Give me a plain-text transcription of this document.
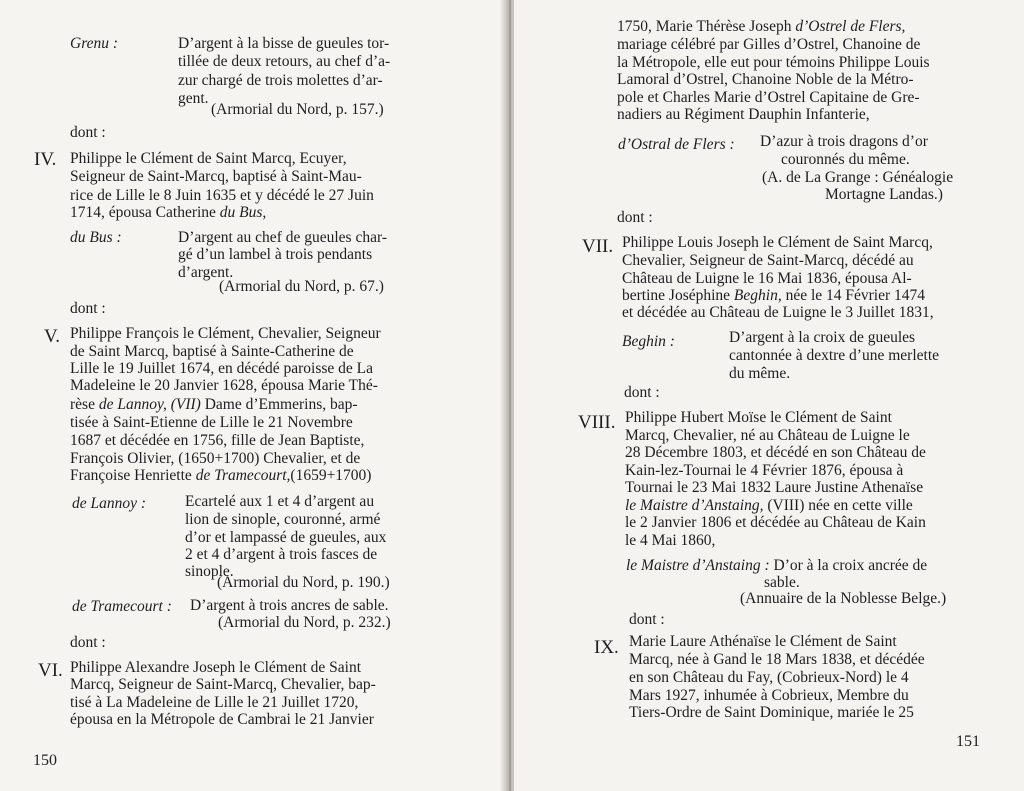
Grenu :	D’argent à la bisse de gueules tor-
tillée de deux retours, au chef d’a-
zur chargé de trois molettes d’ar-
gent.
(Armorial du Nord, p. 157.)
dont :
IV. Philippe le Clément de Saint Marcq, Ecuyer,
Seigneur de Saint-Marcq, baptisé à Saint-Mau-
rice de Lille le 8 Juin 1635 et y décédé le 27 Juin
1714, épousa Catherine du Bus,
du Bus :	D’argent au chef de gueules char-
gé d’un lambel à trois pendants
d’argent.
(Armorial du Nord, p. 67.)
dont :
V. Philippe François le Clément, Chevalier, Seigneur
de Saint Marcq, baptisé à Sainte-Catherine de
Lille le 19 Juillet 1674, en décédé paroisse de La
Madeleine le 20 Janvier 1628, épousa Marie Thé-
rèse de Lannoy, (VII) Dame d’Emmerins, bap-
tisée à Saint-Etienne de Lille le 21 Novembre
1687 et décédée en 1756, fille de Jean Baptiste,
François Olivier, (1650+1700) Chevalier, et de
Françoise Henriette de Tramecourt,(1659+1700)
de Lannoy :	Ecartelé aux 1 et 4 d’argent au
lion de sinople, couronné, armé
d’or et lampassé de gueules, aux
2 et 4 d’argent à trois fasces de
sinople.
(Armorial du Nord, p. 190.)
de Tramecourt : D’argent à trois ancres de sable.
(Armorial du Nord, p. 232.)
dont :
VI. Philippe Alexandre Joseph le Clément de Saint
Marcq, Seigneur de Saint-Marcq, Chevalier, bap-
tisé à La Madeleine de Lille le 21 Juillet 1720,
épousa en la Métropole de Cambrai le 21 Janvier
150
1750, Marie Thérèse Joseph d’Ostrel de Flers,
mariage célébré par Gilles d’Ostrel, Chanoine de
la Métropole, elle eut pour témoins Philippe Louis
Lamoral d’Ostrel, Chanoine Noble de la Métro-
pole et Charles Marie d’Ostrel Capitaine de Gre-
nadiers au Régiment Dauphin Infanterie,
d’Ostral de Flers : D’azur à trois dragons d’or
couronnés du même.
(A. de La Grange : Généalogie
Mortagne Landas.)
dont :
VII. Philippe Louis Joseph le Clément de Saint Marcq,
Chevalier, Seigneur de Saint-Marcq, décédé au
Château de Luigne le 16 Mai 1836, épousa Al-
bertine Joséphine Beghin, née le 14 Février 1474
et décédée au Château de Luigne le 3 Juillet 1831,
Beghin :	D’argent à la croix de gueules
cantonnée à dextre d’une merlette
du même.
dont :
VIII. Philippe Hubert Moïse le Clément de Saint
Marcq, Chevalier, né au Château de Luigne le
28 Décembre 1803, et décédé en son Château de
Kain-lez-Tournai le 4 Février 1876, épousa à
Tournai le 23 Mai 1832 Laure Justine Athenaïse
le Maistre d’Anstaing, (VIII) née en cette ville
le 2 Janvier 1806 et décédée au Château de Kain
le 4 Mai 1860,
le Maistre d’Anstaing : D’or à la croix ancrée de
sable.
(Annuaire de la Noblesse Belge.)
dont :
IX. Marie Laure Athénaïse le Clément de Saint
Marcq, née à Gand le 18 Mars 1838, et décédée
en son Château du Fay, (Cobrieux-Nord) le 4
Mars 1927, inhumée à Cobrieux, Membre du
Tiers-Ordre de Saint Dominique, mariée le 25
151
